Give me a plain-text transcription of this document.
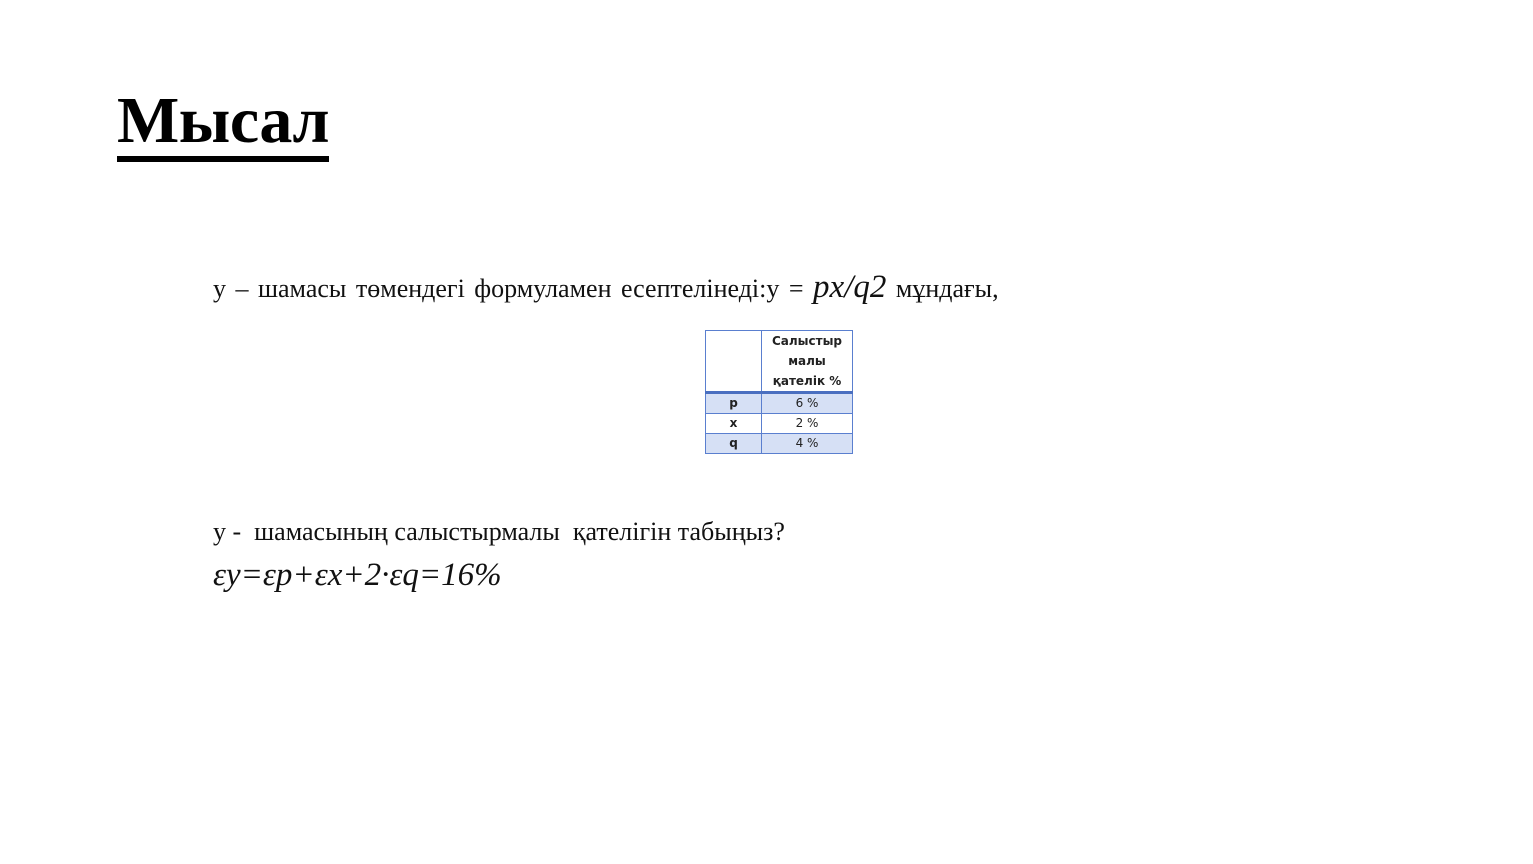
Мысал
у – шамасы төмендегі формуламен есептелінеді:у = px/q2 мұндағы,

	Салыстыр
малы
қателік %

p	6 %
x	2 %
q	4 %
у -  шамасының салыстырмалы  қателігін табыңыз?
εу=εр+εх+2·εq=16%
